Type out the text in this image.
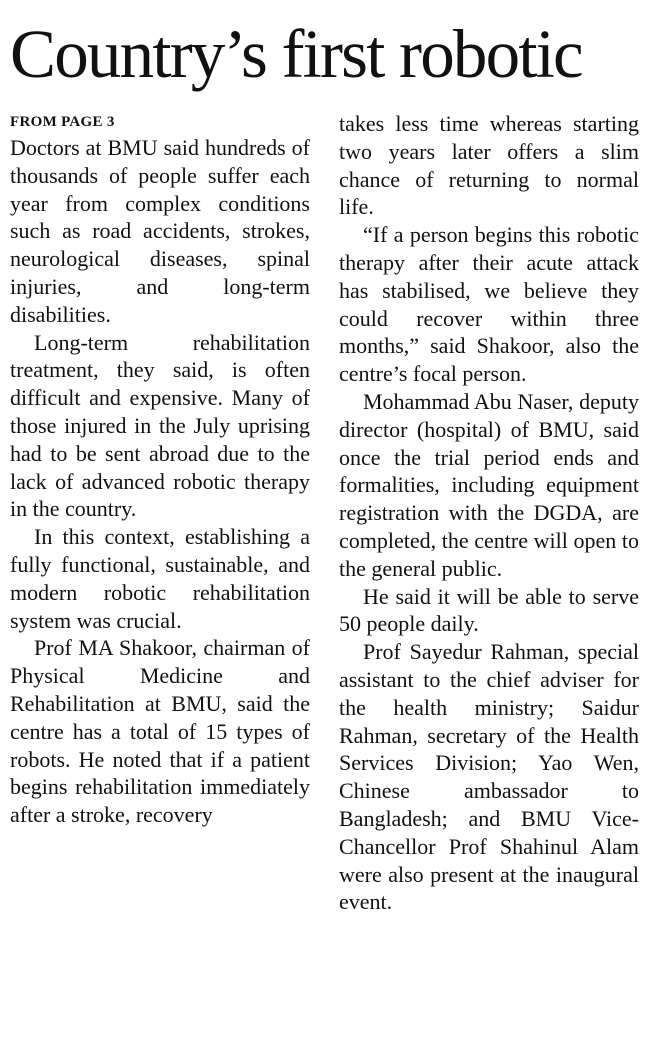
Country’s first robotic
FROM PAGE 3

Doctors at BMU said hundreds of thousands of people suffer each year from complex conditions such as road accidents, strokes, neurological diseases, spinal injuries, and long-term disabilities.

Long-term rehabilitation treatment, they said, is often difficult and expensive. Many of those injured in the July uprising had to be sent abroad due to the lack of advanced robotic therapy in the country.

In this context, establishing a fully functional, sustainable, and modern robotic rehabilitation system was crucial.

Prof MA Shakoor, chairman of Physical Medicine and Rehabilitation at BMU, said the centre has a total of 15 types of robots. He noted that if a patient begins rehabilitation immediately after a stroke, recovery

takes less time whereas starting two years later offers a slim chance of returning to normal life.

“If a person begins this robotic therapy after their acute attack has stabilised, we believe they could recover within three months,” said Shakoor, also the centre’s focal person.

Mohammad Abu Naser, deputy director (hospital) of BMU, said once the trial period ends and formalities, including equipment registration with the DGDA, are completed, the centre will open to the general public.

He said it will be able to serve 50 people daily.

Prof Sayedur Rahman, special assistant to the chief adviser for the health ministry; Saidur Rahman, secretary of the Health Services Division; Yao Wen, Chinese ambassador to Bangladesh; and BMU Vice-Chancellor Prof Shahinul Alam were also present at the inaugural event.
